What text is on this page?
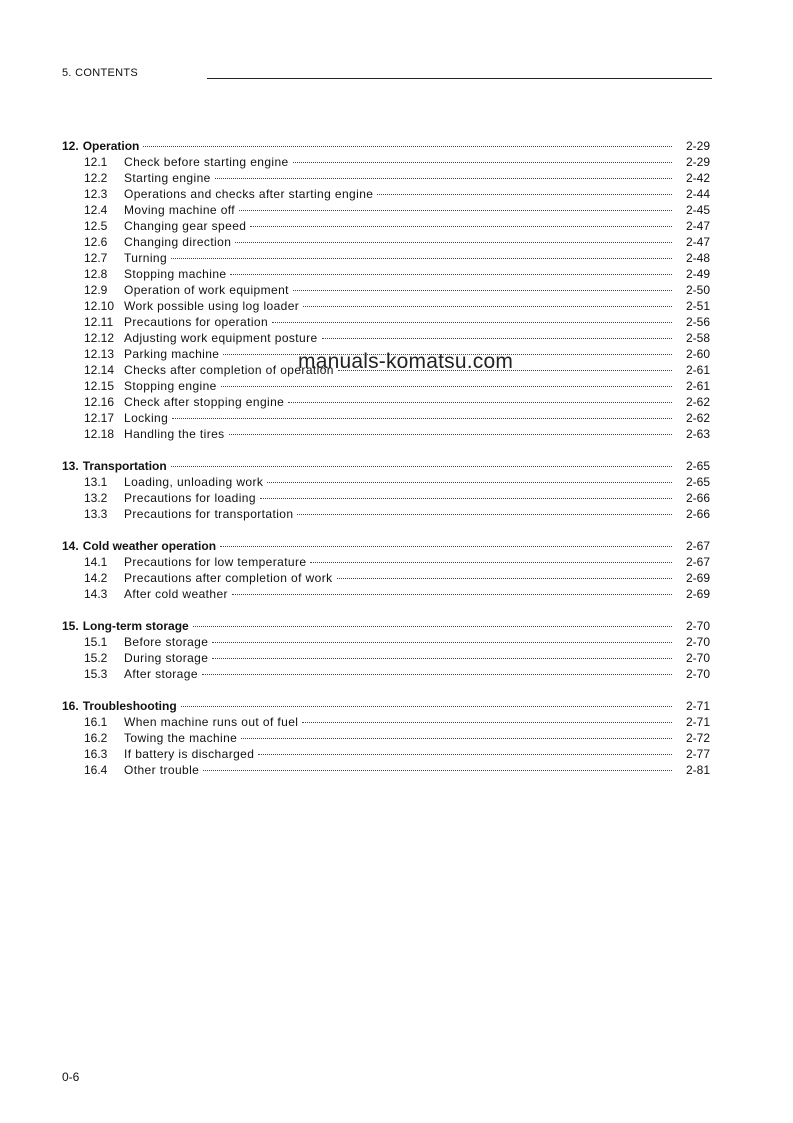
5. CONTENTS
12. Operation	2-29
12.1	Check before starting engine	2-29
12.2	Starting engine	2-42
12.3	Operations and checks after starting engine	2-44
12.4	Moving machine off	2-45
12.5	Changing gear speed	2-47
12.6	Changing direction	2-47
12.7	Turning	2-48
12.8	Stopping machine	2-49
12.9	Operation of work equipment	2-50
12.10 Work possible using log loader	2-51
12.11 Precautions for operation	2-56
12.12 Adjusting work equipment posture	2-58
12.13 Parking machine	2-60
12.14 Checks after completion of operation	2-61
12.15 Stopping engine	2-61
12.16 Check after stopping engine	2-62
12.17 Locking	2-62
12.18 Handling the tires	2-63
13. Transportation	2-65
13.1	Loading, unloading work	2-65
13.2	Precautions for loading	2-66
13.3	Precautions for transportation	2-66
14. Cold weather operation	2-67
14.1	Precautions for low temperature	2-67
14.2	Precautions after completion of work	2-69
14.3	After cold weather	2-69
15. Long-term storage	2-70
15.1	Before storage	2-70
15.2	During storage	2-70
15.3	After storage	2-70
16. Troubleshooting	2-71
16.1	When machine runs out of fuel	2-71
16.2	Towing the machine	2-72
16.3	If battery is discharged	2-77
16.4	Other trouble	2-81
manuals-komatsu.com
0-6
